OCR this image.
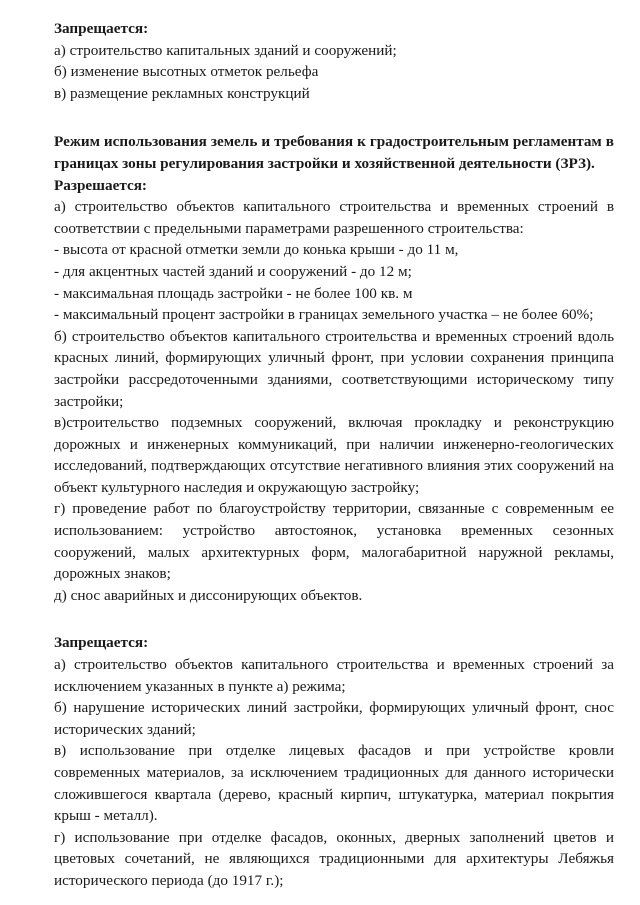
Запрещается:

а) строительство капитальных зданий и сооружений;

б) изменение высотных отметок рельефа

в) размещение рекламных конструкций

Режим использования земель и требования к градостроительным регламентам в границах зоны регулирования застройки и хозяйственной деятельности (ЗРЗ).

Разрешается:

а) строительство объектов капитального строительства и временных строений в соответствии с предельными параметрами разрешенного строительства:

- высота от красной отметки земли до конька крыши - до 11 м,

- для акцентных частей зданий и сооружений - до 12 м;

- максимальная площадь застройки - не более 100 кв. м

- максимальный процент застройки в границах земельного участка – не более 60%;

б) строительство объектов капитального строительства и временных строений вдоль красных линий, формирующих уличный фронт, при условии сохранения принципа застройки рассредоточенными зданиями, соответствующими историческому типу застройки;

в)строительство подземных сооружений, включая прокладку и реконструкцию дорожных и инженерных коммуникаций, при наличии инженерно-геологических исследований, подтверждающих отсутствие негативного влияния этих сооружений на объект культурного наследия и окружающую застройку;

г) проведение работ по благоустройству территории, связанные с современным ее использованием: устройство автостоянок, установка временных сезонных сооружений, малых архитектурных форм, малогабаритной наружной рекламы, дорожных знаков;

д) снос аварийных и диссонирующих объектов.

Запрещается:

а) строительство объектов капитального строительства и временных строений за исключением указанных в пункте а) режима;

б) нарушение исторических линий застройки, формирующих уличный фронт, снос исторических зданий;

в) использование при отделке лицевых фасадов и при устройстве кровли современных материалов, за исключением традиционных для данного исторически сложившегося квартала (дерево, красный кирпич, штукатурка, материал покрытия крыш - металл).

г) использование при отделке фасадов, оконных, дверных заполнений цветов и цветовых сочетаний, не являющихся традиционными для архитектуры Лебяжья исторического периода (до 1917 г.);
